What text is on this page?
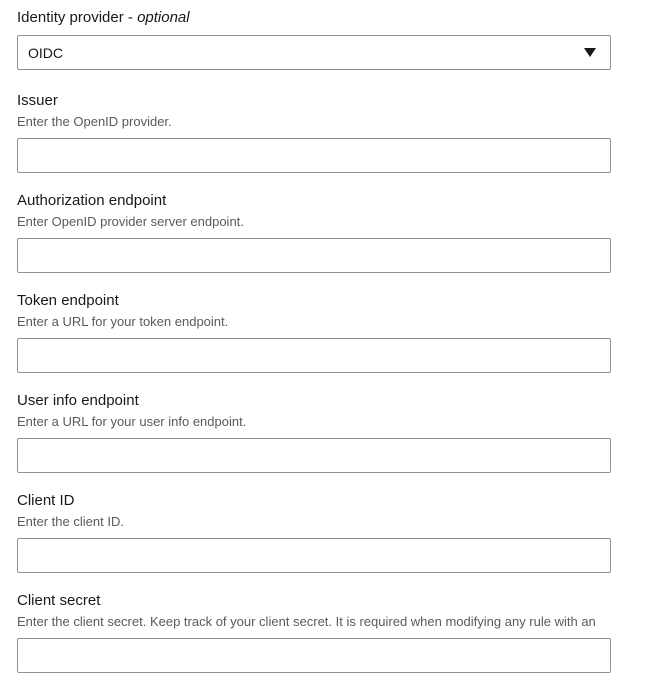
Identity provider - optional
OIDC
Issuer
Enter the OpenID provider.
Authorization endpoint
Enter OpenID provider server endpoint.
Token endpoint
Enter a URL for your token endpoint.
User info endpoint
Enter a URL for your user info endpoint.
Client ID
Enter the client ID.
Client secret
Enter the client secret. Keep track of your client secret. It is required when modifying any rule with an
